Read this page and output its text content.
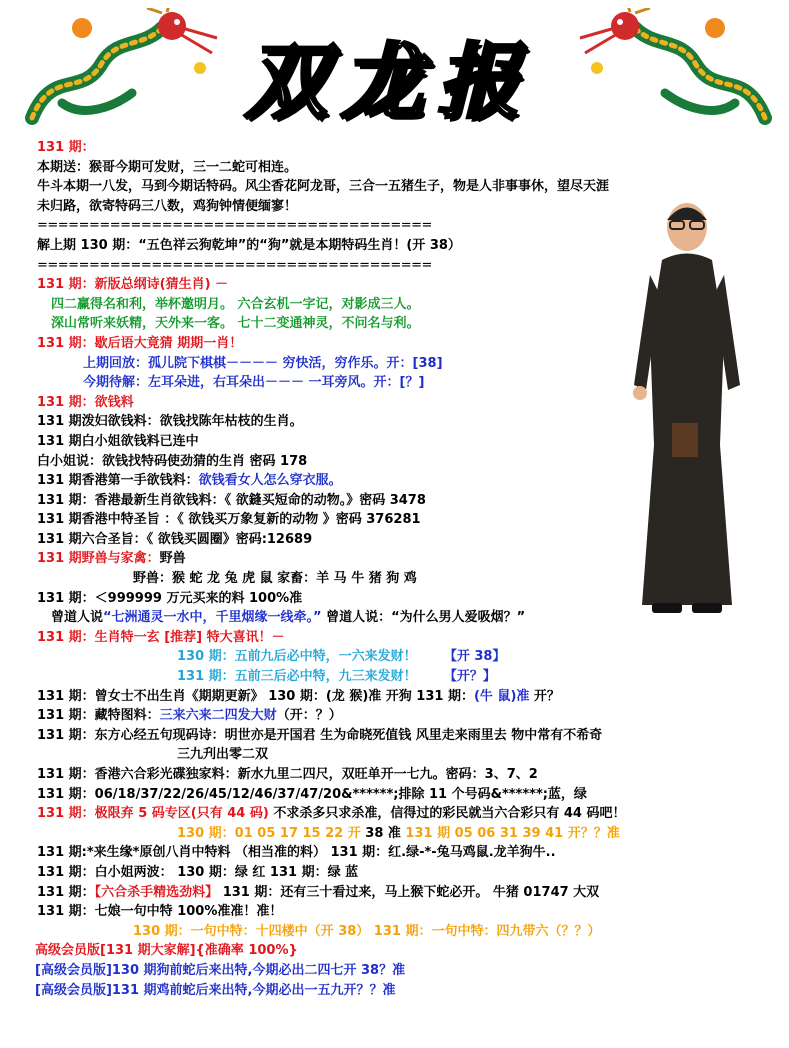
双龙报
131 期：
本期送：猴哥今期可发财，三一二蛇可相连。
牛斗本期一八发，马到今期话特码。风尘香花阿龙哥，三合一五猪生子，物是人非事事休，望尽天涯
未归路，欲寄特码三八数，鸡狗钟情便缅寥！
======================================
解上期 130 期：“五色祥云狗乾坤”的“狗”就是本期特码生肖！(开 38）
======================================
131 期：新版总纲诗(猜生肖) －
四二赢得名和利，举杯邀明月。 六合玄机一字记，对影成三人。
深山常听来妖精，天外来一客。 七十二变通神灵，不问名与利。
131 期：歇后语大竟猜 期期一肖！
上期回放：孤儿院下棋棋－－－－ 穷快活，穷作乐。开：[38]
今期待解：左耳朵进，右耳朵出－－－ 一耳旁风。开：[？]
131 期：欲钱料
131 期泼妇欲钱料：欲钱找陈年枯枝的生肖。
131 期白小姐欲钱料已连中
白小姐说：欲钱找特码使劲猜的生肖 密码 178
131 期香港第一手欲钱料：欲钱看女人怎么穿衣服。
131 期：香港最新生肖欲钱料：《 欲鏠买短命的动物。》密码 3478
131 期香港中特圣旨 ：《 欲钱买万象复新的动物 》密码 376281
131 期六合圣旨：《 欲钱买圆圈》密码:12689
131 期野兽与家禽：野兽
野兽：猴 蛇 龙 兔 虎 鼠 家畜：羊 马 牛 猪 狗 鸡
131 期：＜999999 万元买来的料 100%准
曾道人说“七洲通灵一水中，千里烟缘一线牵。” 曾道人说：“为什么男人爱吸烟？”
131 期：生肖特一玄 [推荐] 特大喜讯！－
130 期：五前九后必中特，一六来发财！ 【开 38】
131 期：五前三后必中特，九三来发财！ 【开？】
131 期：曾女士不出生肖《期期更新》 130 期：(龙 猴)准 开狗 131 期：(牛 鼠)准 开？
131 期：藏特图料：三来六来二四发大财（开：？）
131 期：东方心经五句现码诗：明世亦是开国君 生为命晓死值钱 风里走来雨里去 物中常有不希奇
三九刋出零二双
131 期：香港六合彩光碟独家料：新水九里二四尺，双旺单开一七九。密码：3、7、2
131 期：06/18/37/22/26/45/12/46/37/47/20&******;排除 11 个号码&******;蓝，绿
131 期：极限弃 5 码专区(只有 44 码) 不求杀多只求杀准，信得过的彩民就当六合彩只有 44 码吧！
130 期：01 05 17 15 22 开 38 准 131 期 05 06 31 39 41 开？？准
131 期:*来生缘*原创八肖中特料 （相当准的料） 131 期：红.绿-*-兔马鸡鼠.龙羊狗牛..
131 期：白小姐两波： 130 期：绿 红 131 期：绿 蓝
131 期：【六合杀手精选劲料】 131 期：还有三十看过来，马上猴下蛇必开。 牛猪 01747 大双
131 期：七娘一句中特 100%准准！准！
130 期：一句中特：十四楼中（开 38） 131 期：一句中特：四九带六（？？）
高级会员版[131 期大家解]{准确率 100%}
[高级会员版]130 期狗前蛇后来出特,今期必出二四七开 38？准
[高级会员版]131 期鸡前蛇后来出特,今期必出一五九开？？准
